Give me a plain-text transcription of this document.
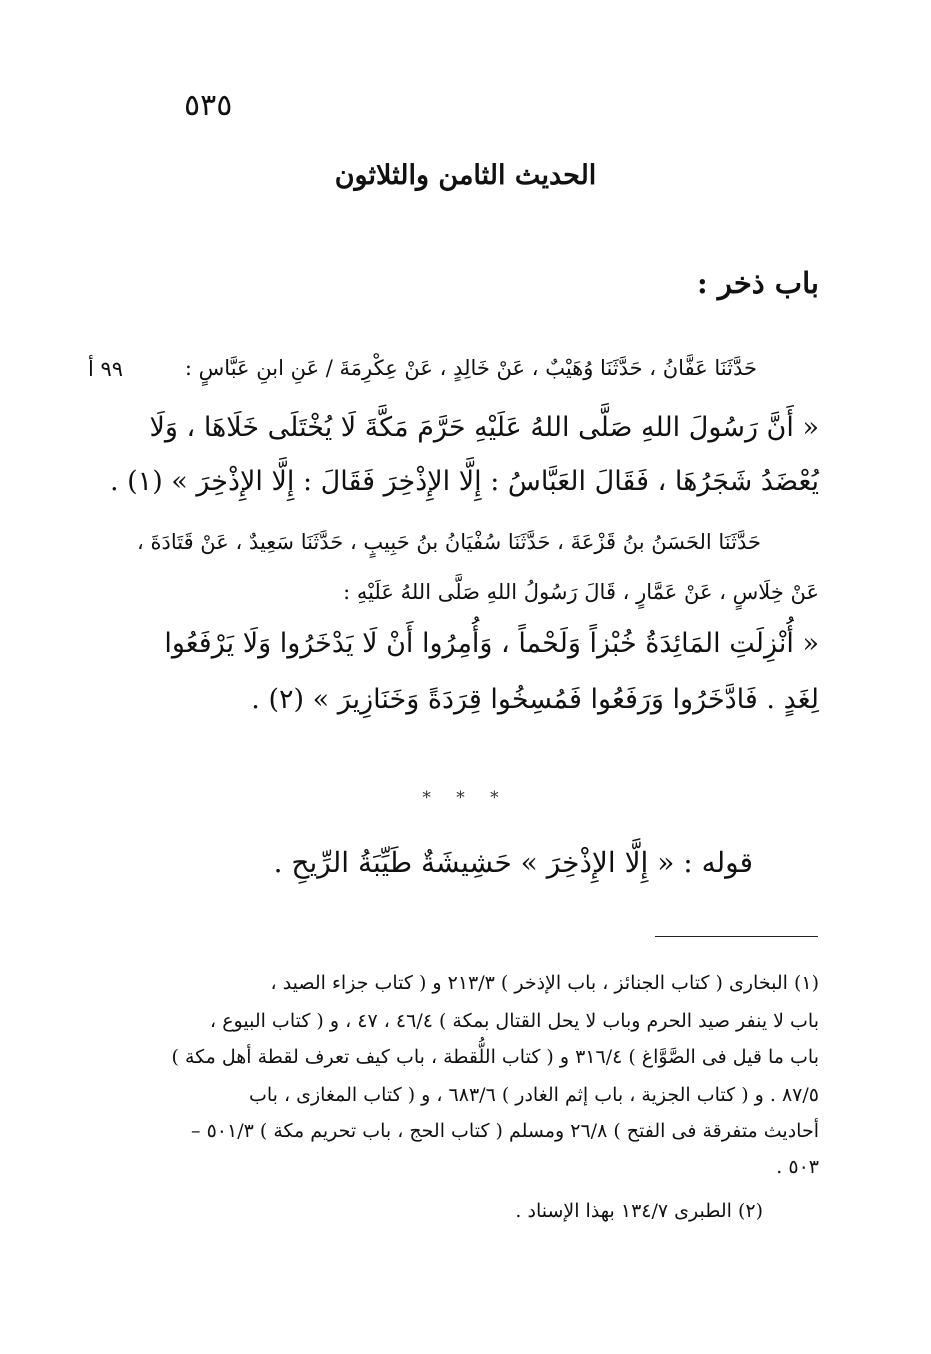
٥٣٥
الحديث الثامن والثلاثون
باب ذخر :
٩٩ أ	حَدَّثَنَا عَفَّانُ ، حَدَّثَنَا وُهَيْبٌ ، عَنْ خَالِدٍ ، عَنْ عِكْرِمَةَ / عَنِ ابنِ عَبَّاسٍ :
« أَنَّ رَسُولَ اللهِ صَلَّى اللهُ عَلَيْهِ حَرَّمَ مَكَّةَ لَا يُخْتَلَى خَلَاهَا ، وَلَا
يُعْضَدُ شَجَرُهَا ، فَقَالَ العَبَّاسُ : إِلَّا الإِذْخِرَ فَقَالَ : إِلَّا الإِذْخِرَ » (١) .
حَدَّثَنَا الحَسَنُ بنُ قَزْعَةَ ، حَدَّثَنَا سُفْيَانُ بنُ حَبِيبٍ ، حَدَّثَنَا سَعِيدٌ ، عَنْ قَتَادَةَ ،
عَنْ خِلَاسٍ ، عَنْ عَمَّارٍ ، قَالَ رَسُولُ اللهِ صَلَّى اللهُ عَلَيْهِ :
« أُنْزِلَتِ المَائِدَةُ خُبْزاً وَلَحْماً ، وَأُمِرُوا أَنْ لَا يَدْخَرُوا وَلَا يَرْفَعُوا
لِغَدٍ . فَادَّخَرُوا وَرَفَعُوا فَمُسِخُوا قِرَدَةً وَخَنَازِيرَ » (٢) .
* * *
قوله : « إِلَّا الإِذْخِرَ » حَشِيشَةٌ طَيِّبَةُ الرِّيحِ .
(١) البخارى ( كتاب الجنائز ، باب الإذخر ) ٢١٣/٣ و ( كتاب جزاء الصيد ،
باب لا ينفر صيد الحرم وباب لا يحل القتال بمكة ) ٤٦/٤ ، ٤٧ ، و ( كتاب البيوع ،
باب ما قيل فى الصَّوَّاغ ) ٣١٦/٤ و ( كتاب اللُّقطة ، باب كيف تعرف لقطة أهل مكة )
٨٧/٥ . و ( كتاب الجزية ، باب إثم الغادر ) ٦٨٣/٦ ، و ( كتاب المغازى ، باب
أحاديث متفرقة فى الفتح ) ٢٦/٨ ومسلم ( كتاب الحج ، باب تحريم مكة ) ٥٠١/٣ –
٥٠٣ .
(٢) الطبرى ١٣٤/٧ بهذا الإسناد .
